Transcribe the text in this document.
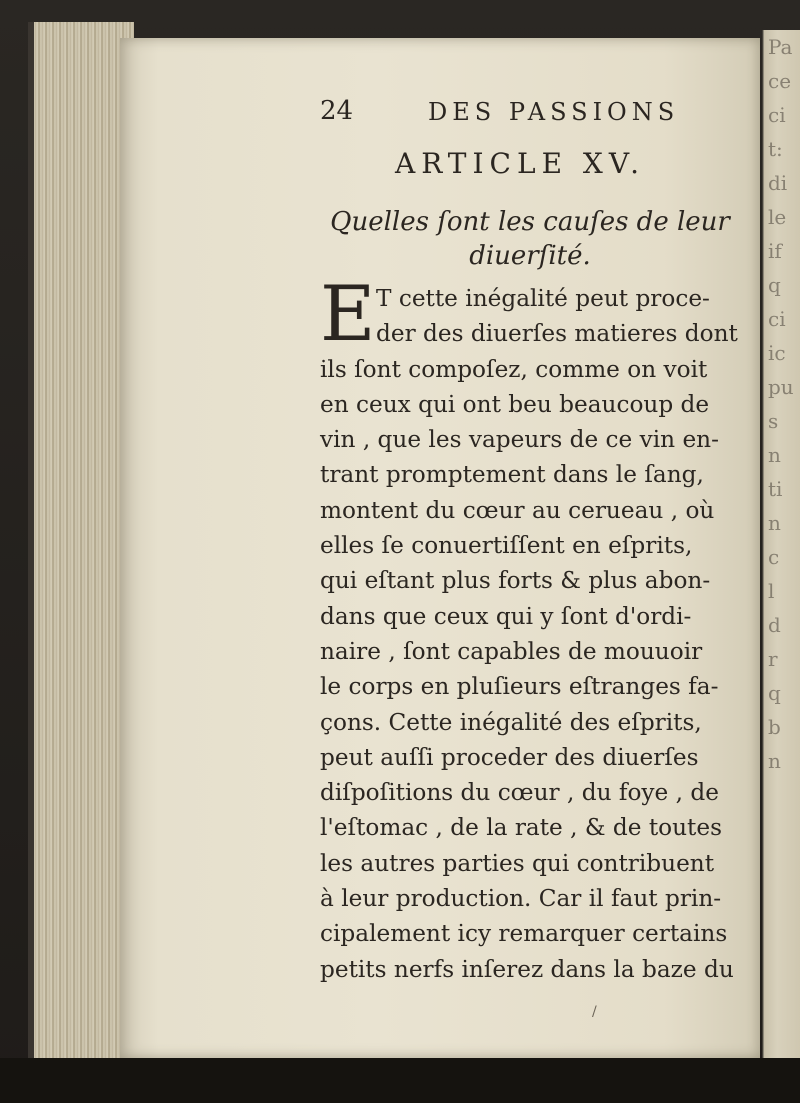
Pa
ce
ci
t:
di
le
if
q
ci
ic
pu
s
n
ti
n
c
l
d
r
q
b
n
24	DES PASSIONS
ARTICLE XV.
Quelles ſont les cauſes de leur
diuerſité.
E T cette inégalité peut proce-
der des diuerſes matieres dont
ils ſont compoſez, comme on voit
en ceux qui ont beu beaucoup de
vin , que les vapeurs de ce vin en-
trant promptement dans le ſang,
montent du cœur au cerueau , où
elles ſe conuertiſſent en eſprits,
qui eſtant plus forts & plus abon-
dans que ceux qui y ſont d'ordi-
naire , ſont capables de mouuoir
le corps en pluſieurs eſtranges fa-
çons. Cette inégalité des eſprits,
peut auſſi proceder des diuerſes
diſpoſitions du cœur , du foye , de
l'eſtomac , de la rate , & de toutes
les autres parties qui contribuent
à leur production. Car il faut prin-
cipalement icy remarquer certains
petits nerfs inſerez dans la baze du
/
